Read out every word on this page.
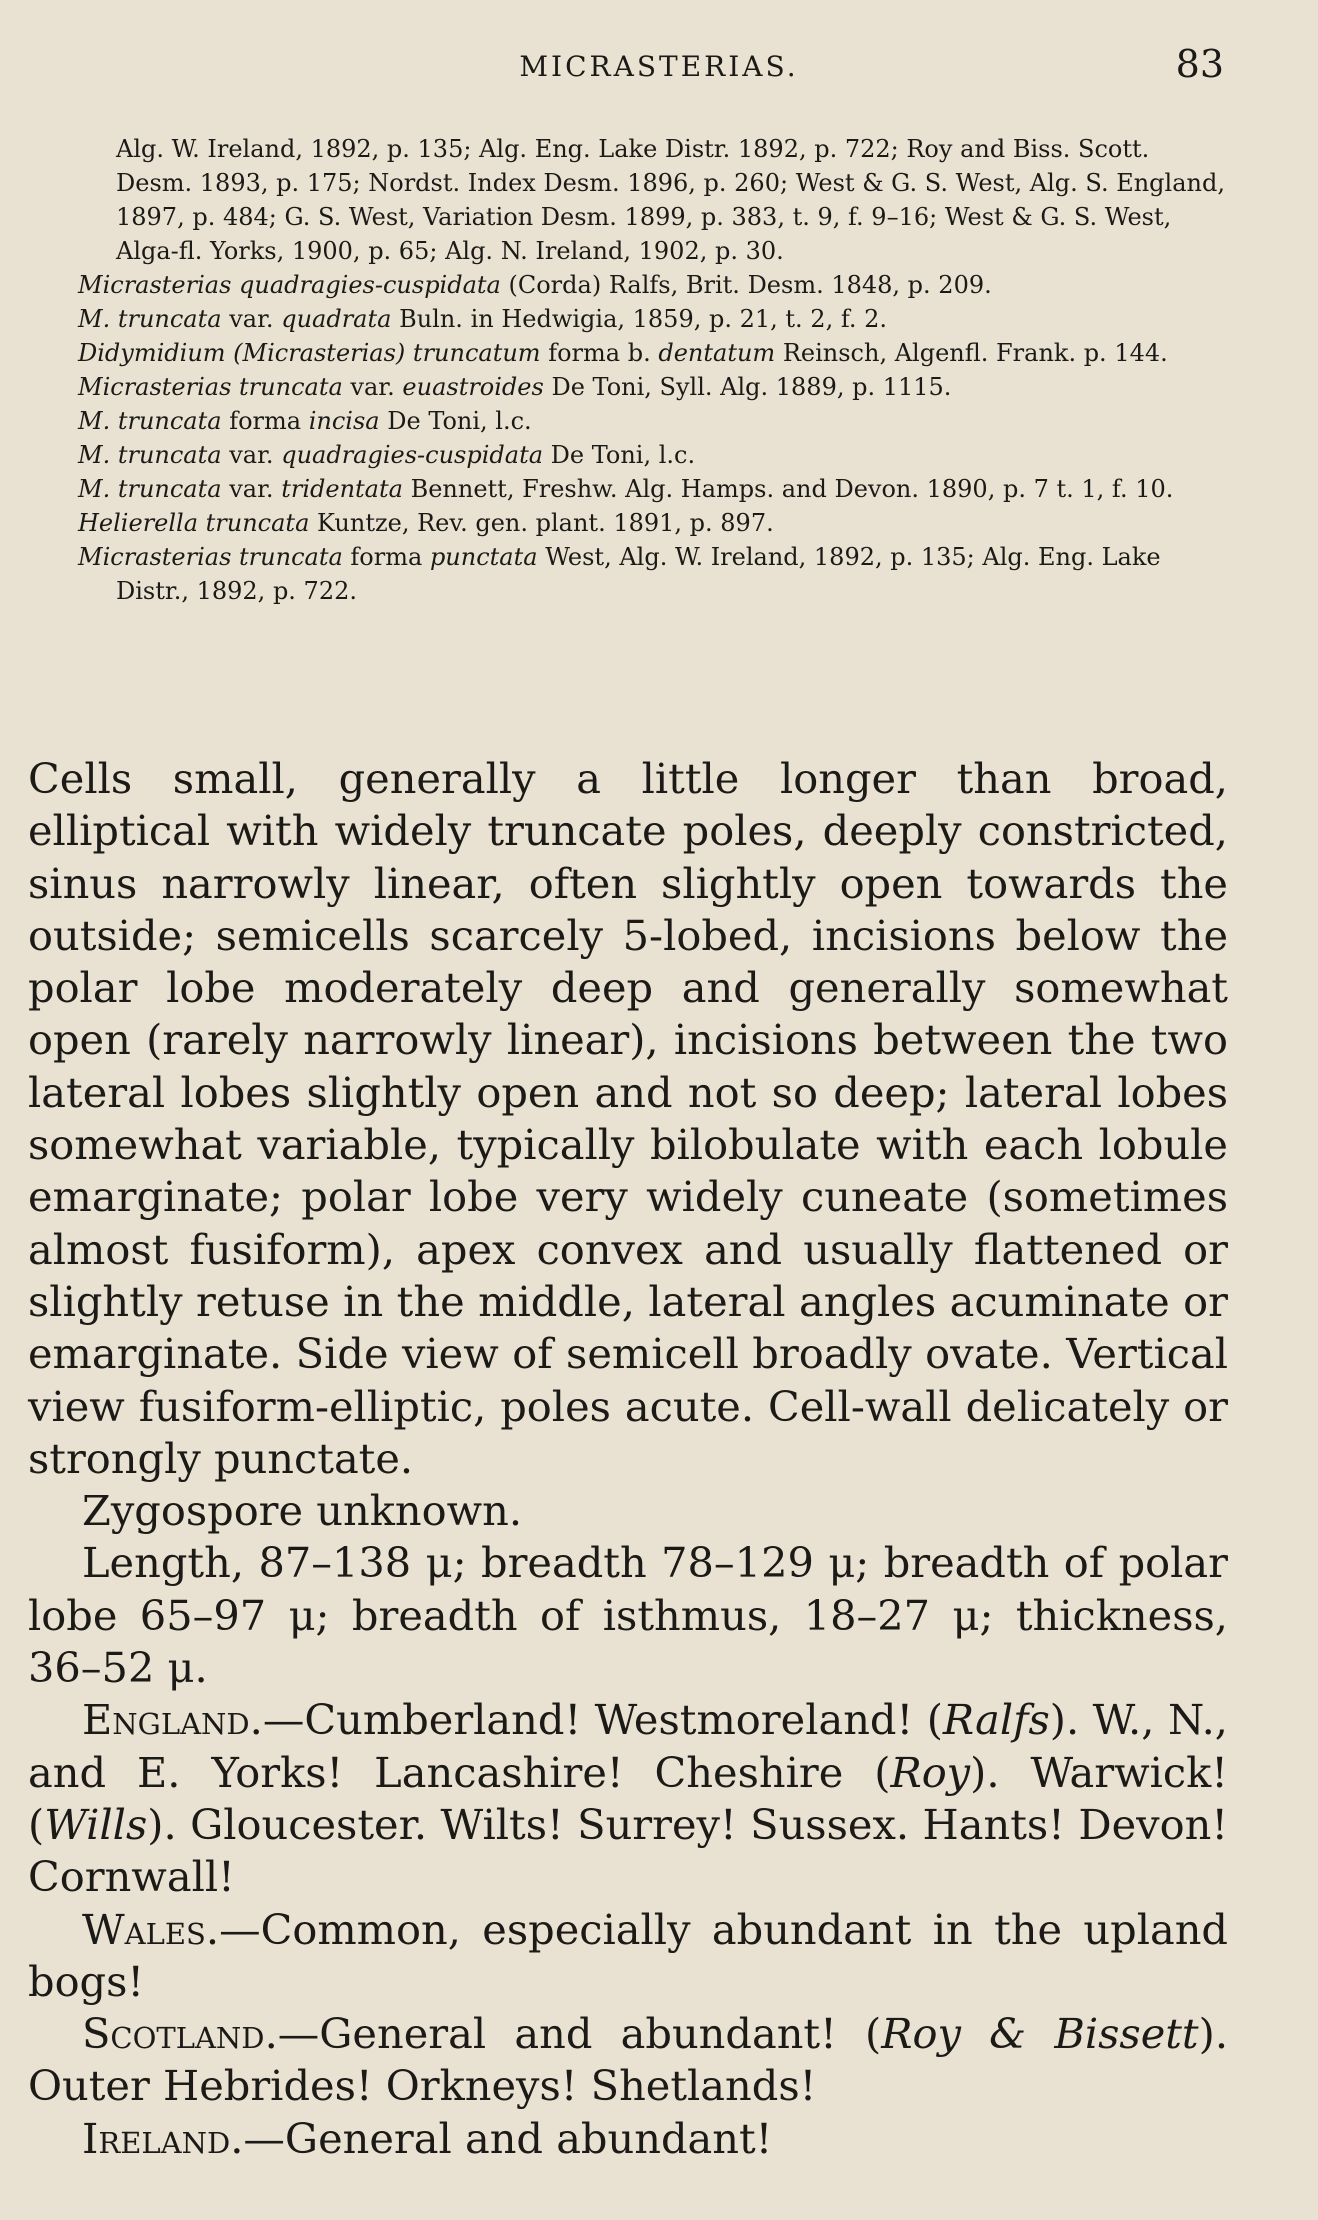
MICRASTERIAS.	83

Alg. W. Ireland, 1892, p. 135; Alg. Eng. Lake Distr. 1892, p. 722; Roy and Biss. Scott. Desm. 1893, p. 175; Nordst. Index Desm. 1896, p. 260; West & G. S. West, Alg. S. England, 1897, p. 484; G. S. West, Variation Desm. 1899, p. 383, t. 9, f. 9–16; West & G. S. West, Alga-fl. Yorks, 1900, p. 65; Alg. N. Ireland, 1902, p. 30.

Micrasterias quadragies-cuspidata (Corda) Ralfs, Brit. Desm. 1848, p. 209.

M. truncata var. quadrata Buln. in Hedwigia, 1859, p. 21, t. 2, f. 2.

Didymidium (Micrasterias) truncatum forma b. dentatum Reinsch, Algenfl. Frank. p. 144.

Micrasterias truncata var. euastroides De Toni, Syll. Alg. 1889, p. 1115.

M. truncata forma incisa De Toni, l.c.

M. truncata var. quadragies-cuspidata De Toni, l.c.

M. truncata var. tridentata Bennett, Freshw. Alg. Hamps. and Devon. 1890, p. 7 t. 1, f. 10.

Helierella truncata Kuntze, Rev. gen. plant. 1891, p. 897.

Micrasterias truncata forma punctata West, Alg. W. Ireland, 1892, p. 135; Alg. Eng. Lake Distr., 1892, p. 722.

Cells small, generally a little longer than broad, elliptical with widely truncate poles, deeply constricted, sinus narrowly linear, often slightly open towards the outside; semicells scarcely 5-lobed, incisions below the polar lobe moderately deep and generally somewhat open (rarely narrowly linear), incisions between the two lateral lobes slightly open and not so deep; lateral lobes somewhat variable, typically bilobulate with each lobule emarginate; polar lobe very widely cuneate (sometimes almost fusiform), apex convex and usually flattened or slightly retuse in the middle, lateral angles acuminate or emarginate. Side view of semicell broadly ovate. Vertical view fusiform-elliptic, poles acute. Cell-wall delicately or strongly punctate.

Zygospore unknown.

Length, 87–138 μ; breadth 78–129 μ; breadth of polar lobe 65–97 μ; breadth of isthmus, 18–27 μ; thickness, 36–52 μ.

England.—Cumberland! Westmoreland! (Ralfs). W., N., and E. Yorks! Lancashire! Cheshire (Roy). Warwick! (Wills). Gloucester. Wilts! Surrey! Sussex. Hants! Devon! Cornwall!

Wales.—Common, especially abundant in the upland bogs!

Scotland.—General and abundant! (Roy & Bissett). Outer Hebrides! Orkneys! Shetlands!

Ireland.—General and abundant!
